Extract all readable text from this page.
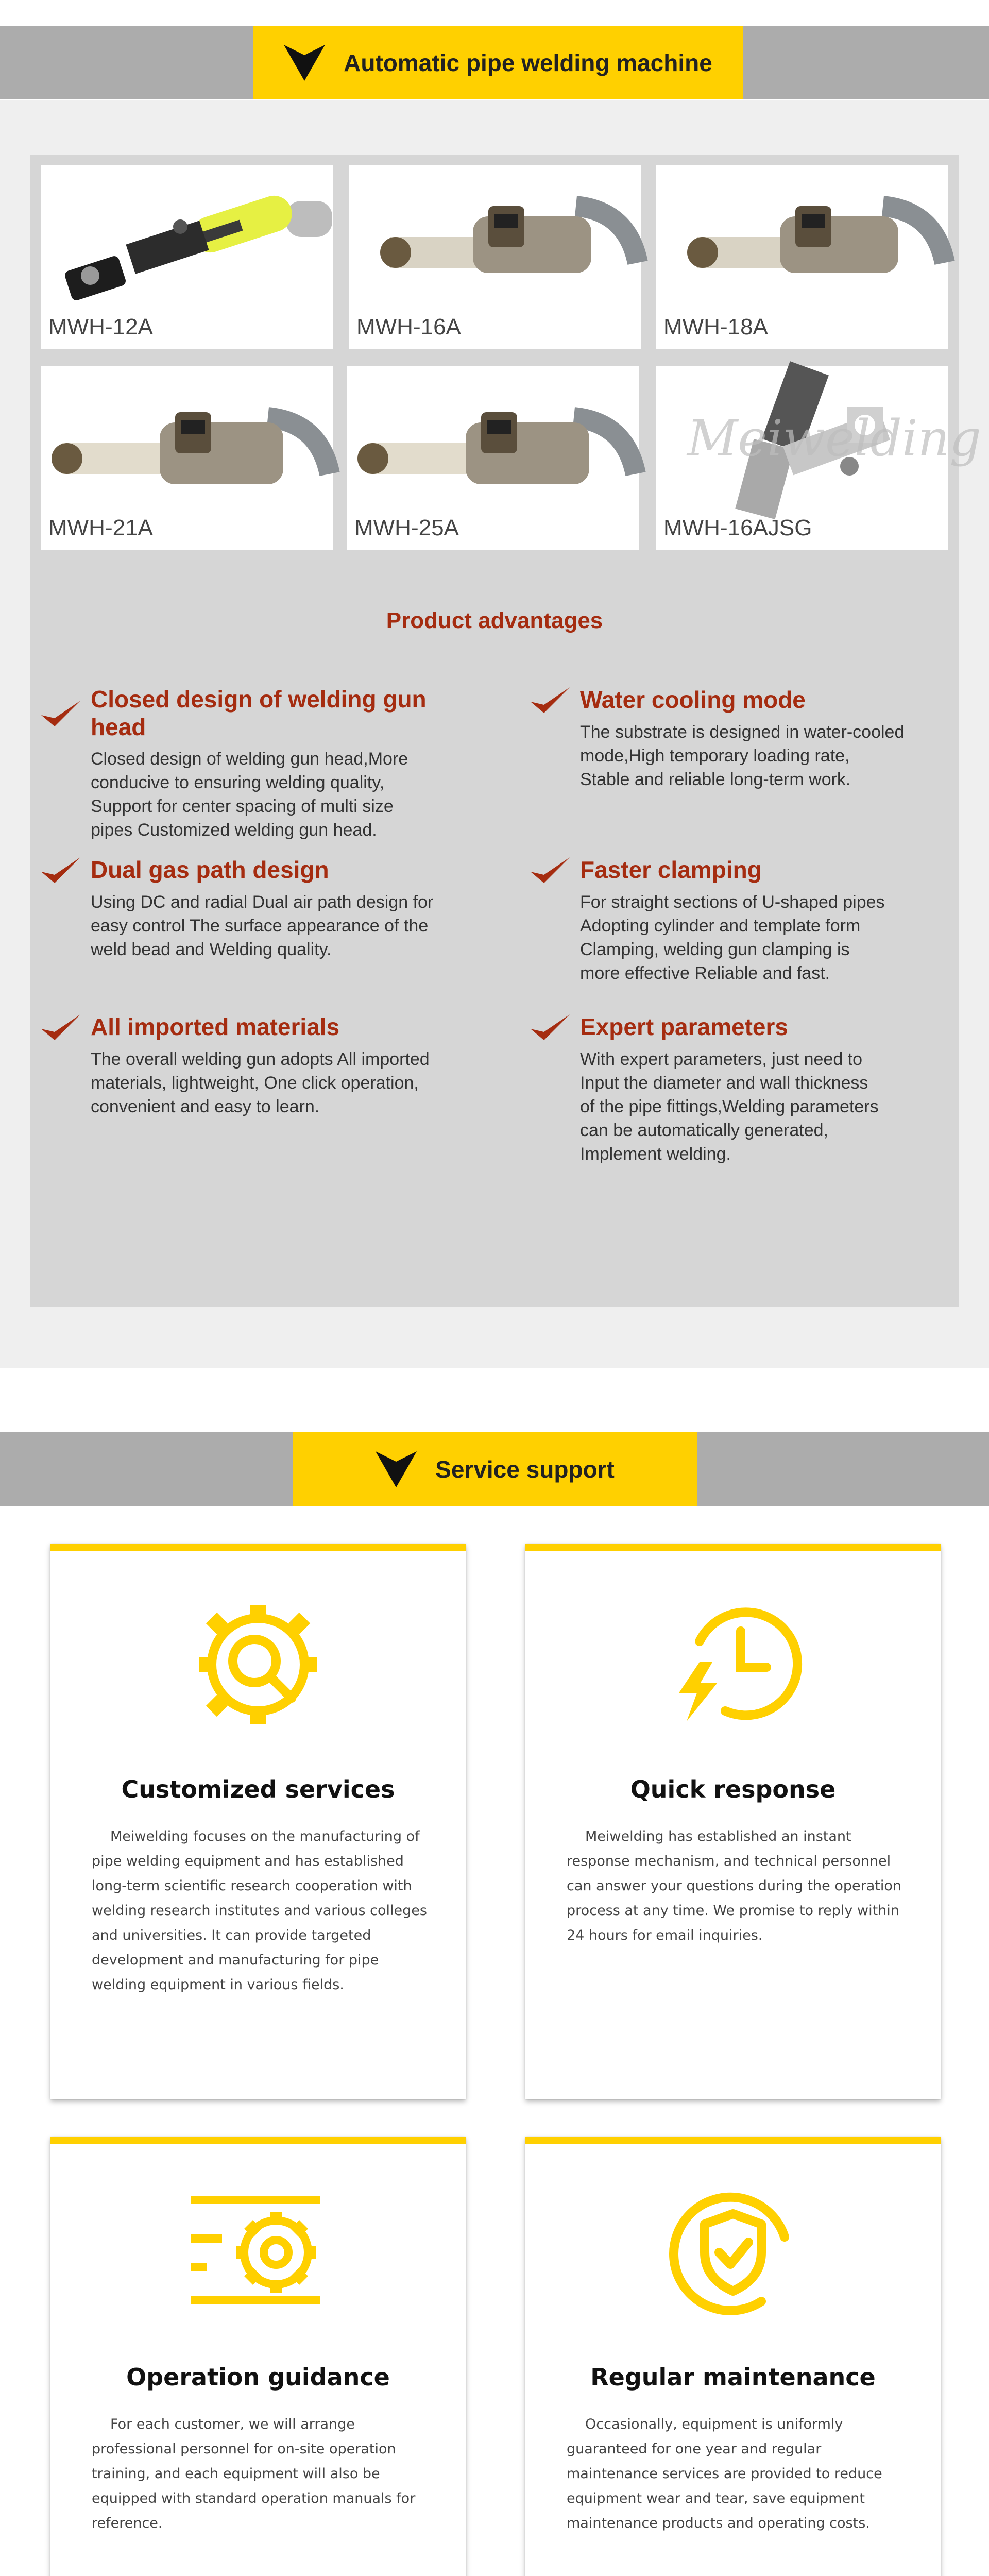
Automatic pipe welding machine
MWH-12A	MWH-16A	MWH-18A
MWH-21A	MWH-25A
Meiwelding
MWH-16AJSG
Product advantages
Closed design of welding gun head
Closed design of welding gun head,More
conducive to ensuring welding quality,
Support for center spacing of multi size
pipes Customized welding gun head.
Water cooling mode
The substrate is designed in water-cooled
mode,High temporary loading rate,
Stable and reliable long-term work.
Dual gas path design
Using DC and radial Dual air path design for
easy control The surface appearance of the
weld bead and Welding quality.
Faster clamping
For straight sections of U-shaped pipes
Adopting cylinder and template form
Clamping, welding gun clamping is
more effective Reliable and fast.
All imported materials
The overall welding gun adopts All imported
materials, lightweight, One click operation,
convenient and easy to learn.
Expert parameters
With expert parameters, just need to
Input the diameter and wall thickness
of the pipe fittings,Welding parameters
can be automatically generated,
Implement welding.
Service support
Customized services
Meiwelding focuses on the manufacturing of pipe welding equipment and has established long-term scientific research cooperation with welding research institutes and various colleges and universities. It can provide targeted development and manufacturing for pipe welding equipment in various fields.
Quick response
Meiwelding has established an instant response mechanism, and technical personnel can answer your questions during the operation process at any time. We promise to reply within 24 hours for email inquiries.
Operation guidance
For each customer, we will arrange professional personnel for on-site operation training, and each equipment will also be equipped with standard operation manuals for reference.
Regular maintenance
Occasionally, equipment is uniformly guaranteed for one year and regular maintenance services are provided to reduce equipment wear and tear, save equipment maintenance products and operating costs.
